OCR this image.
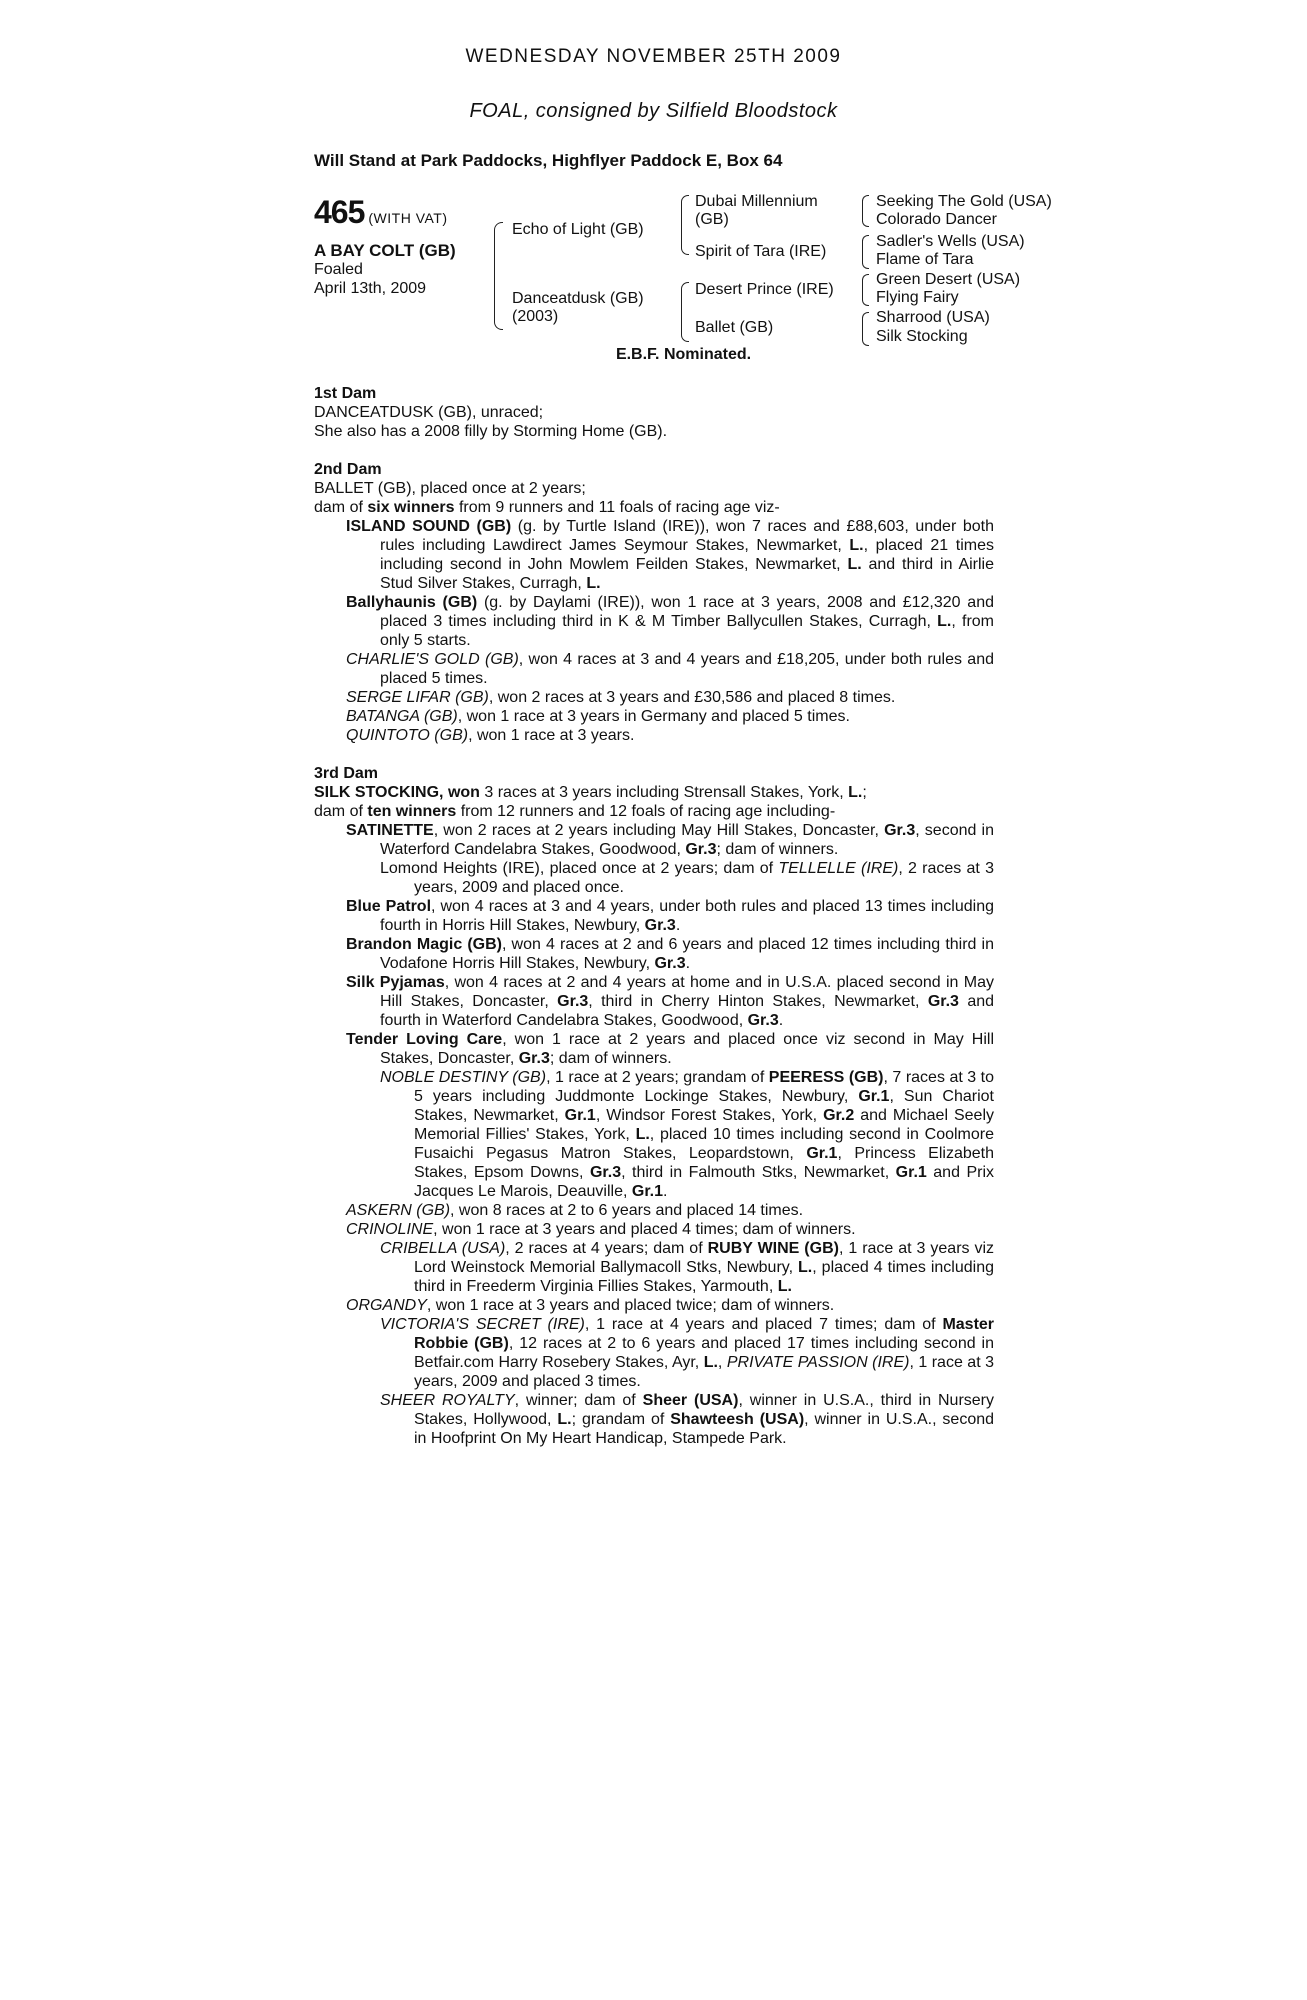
WEDNESDAY NOVEMBER 25TH 2009
FOAL, consigned by Silfield Bloodstock
Will Stand at Park Paddocks, Highflyer Paddock E, Box 64
465 (WITH VAT)
A BAY COLT (GB)
Foaled
April 13th, 2009
Echo of Light (GB)
Danceatdusk (GB)
(2003)
Dubai Millennium
(GB)
Spirit of Tara (IRE)
Desert Prince (IRE)
Ballet (GB)
Seeking The Gold (USA)
Colorado Dancer
Sadler's Wells (USA)
Flame of Tara
Green Desert (USA)
Flying Fairy
Sharrood (USA)
Silk Stocking
E.B.F. Nominated.

1st Dam

DANCEATDUSK (GB), unraced;

She also has a 2008 filly by Storming Home (GB).

2nd Dam

BALLET (GB), placed once at 2 years;

dam of six winners from 9 runners and 11 foals of racing age viz-

ISLAND SOUND (GB) (g. by Turtle Island (IRE)), won 7 races and £88,603, under both rules including Lawdirect James Seymour Stakes, Newmarket, L., placed 21 times including second in John Mowlem Feilden Stakes, Newmarket, L. and third in Airlie Stud Silver Stakes, Curragh, L.

Ballyhaunis (GB) (g. by Daylami (IRE)), won 1 race at 3 years, 2008 and £12,320 and placed 3 times including third in K & M Timber Ballycullen Stakes, Curragh, L., from only 5 starts.

CHARLIE'S GOLD (GB), won 4 races at 3 and 4 years and £18,205, under both rules and placed 5 times.

SERGE LIFAR (GB), won 2 races at 3 years and £30,586 and placed 8 times.

BATANGA (GB), won 1 race at 3 years in Germany and placed 5 times.

QUINTOTO (GB), won 1 race at 3 years.

3rd Dam

SILK STOCKING, won 3 races at 3 years including Strensall Stakes, York, L.;

dam of ten winners from 12 runners and 12 foals of racing age including-

SATINETTE, won 2 races at 2 years including May Hill Stakes, Doncaster, Gr.3, second in Waterford Candelabra Stakes, Goodwood, Gr.3; dam of winners.

Lomond Heights (IRE), placed once at 2 years; dam of TELLELLE (IRE), 2 races at 3 years, 2009 and placed once.

Blue Patrol, won 4 races at 3 and 4 years, under both rules and placed 13 times including fourth in Horris Hill Stakes, Newbury, Gr.3.

Brandon Magic (GB), won 4 races at 2 and 6 years and placed 12 times including third in Vodafone Horris Hill Stakes, Newbury, Gr.3.

Silk Pyjamas, won 4 races at 2 and 4 years at home and in U.S.A. placed second in May Hill Stakes, Doncaster, Gr.3, third in Cherry Hinton Stakes, Newmarket, Gr.3 and fourth in Waterford Candelabra Stakes, Goodwood, Gr.3.

Tender Loving Care, won 1 race at 2 years and placed once viz second in May Hill Stakes, Doncaster, Gr.3; dam of winners.

NOBLE DESTINY (GB), 1 race at 2 years; grandam of PEERESS (GB), 7 races at 3 to 5 years including Juddmonte Lockinge Stakes, Newbury, Gr.1, Sun Chariot Stakes, Newmarket, Gr.1, Windsor Forest Stakes, York, Gr.2 and Michael Seely Memorial Fillies' Stakes, York, L., placed 10 times including second in Coolmore Fusaichi Pegasus Matron Stakes, Leopardstown, Gr.1, Princess Elizabeth Stakes, Epsom Downs, Gr.3, third in Falmouth Stks, Newmarket, Gr.1 and Prix Jacques Le Marois, Deauville, Gr.1.

ASKERN (GB), won 8 races at 2 to 6 years and placed 14 times.

CRINOLINE, won 1 race at 3 years and placed 4 times; dam of winners.

CRIBELLA (USA), 2 races at 4 years; dam of RUBY WINE (GB), 1 race at 3 years viz Lord Weinstock Memorial Ballymacoll Stks, Newbury, L., placed 4 times including third in Freederm Virginia Fillies Stakes, Yarmouth, L.

ORGANDY, won 1 race at 3 years and placed twice; dam of winners.

VICTORIA'S SECRET (IRE), 1 race at 4 years and placed 7 times; dam of Master Robbie (GB), 12 races at 2 to 6 years and placed 17 times including second in Betfair.com Harry Rosebery Stakes, Ayr, L., PRIVATE PASSION (IRE), 1 race at 3 years, 2009 and placed 3 times.

SHEER ROYALTY, winner; dam of Sheer (USA), winner in U.S.A., third in Nursery Stakes, Hollywood, L.; grandam of Shawteesh (USA), winner in U.S.A., second in Hoofprint On My Heart Handicap, Stampede Park.
